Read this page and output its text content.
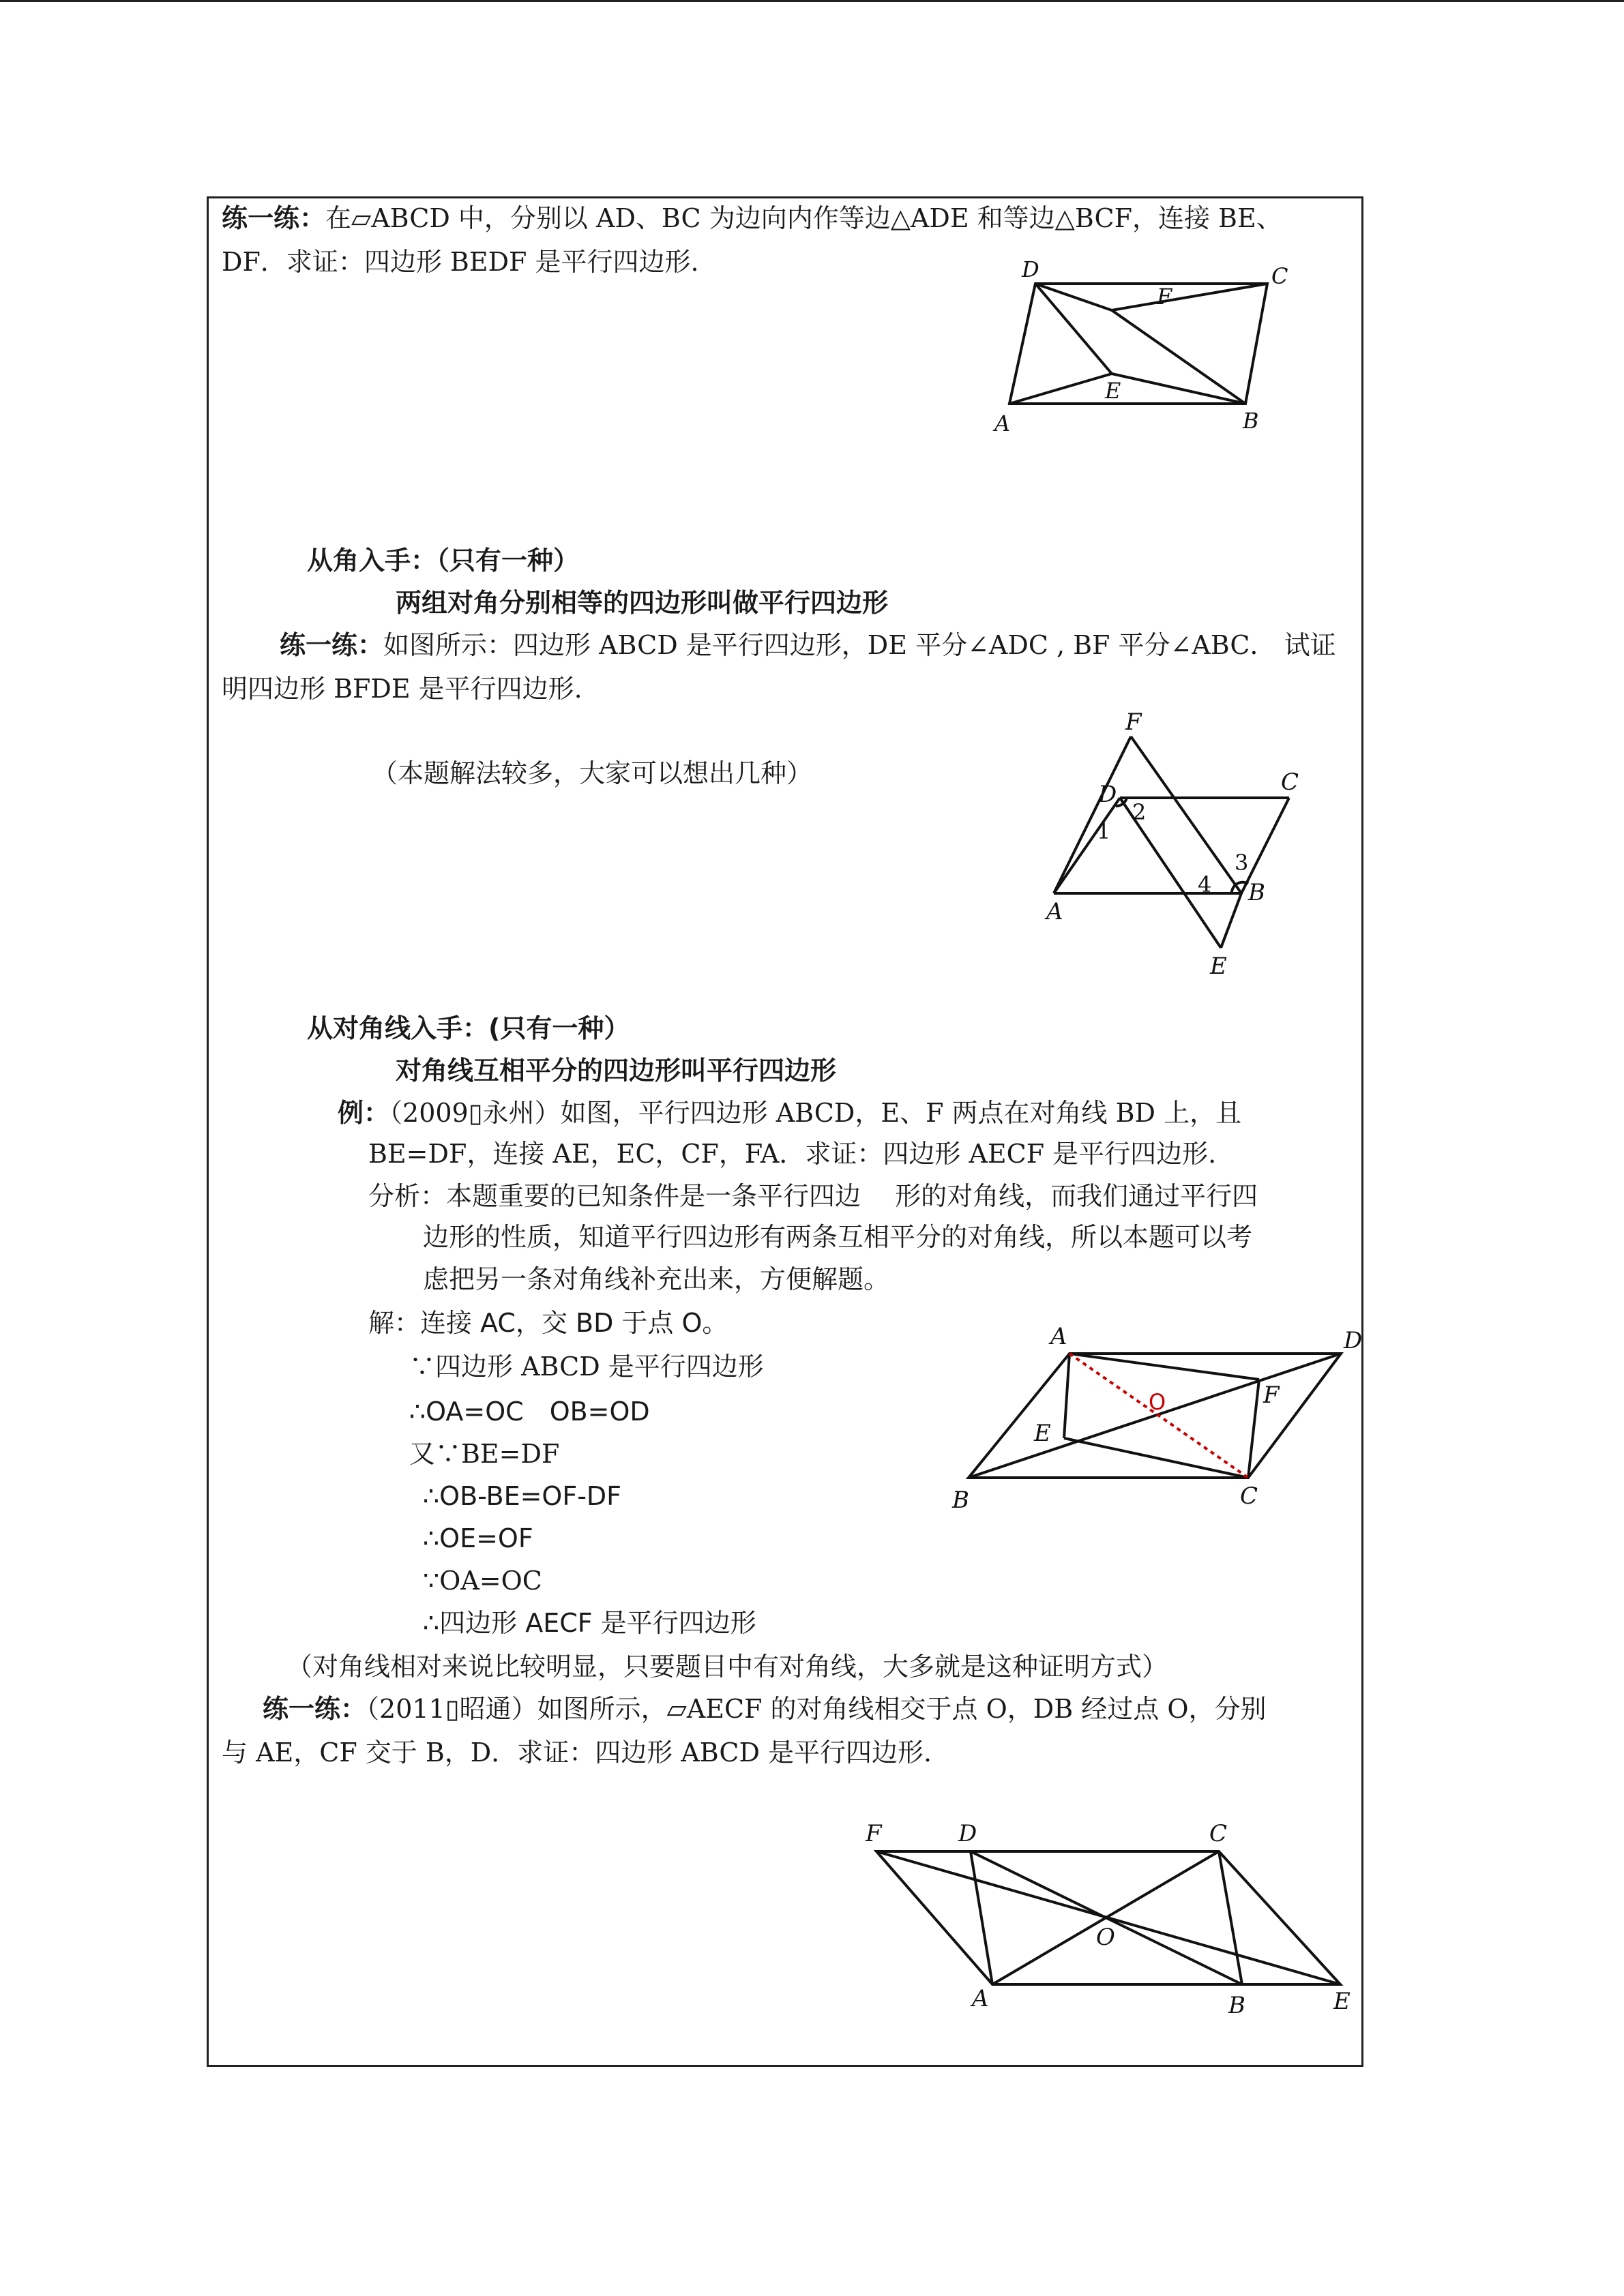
练一练：在▱ABCD 中，分别以 AD、BC 为边向内作等边△ADE 和等边△BCF，连接 BE、
DF．求证：四边形 BEDF 是平行四边形.	D	C
F
E
A	B
从角入手：（只有一种）
两组对角分别相等的四边形叫做平行四边形
练一练：如图所示：四边形 ABCD 是平行四边形，DE 平分∠ADC , BF 平分∠ABC． 试证
明四边形 BFDE 是平行四边形.
（本题解法较多，大家可以想出几种）
F
D	C
2
1
3
4 B
A
E
从对角线入手：(只有一种）
对角线互相平分的四边形叫平行四边形
例：（2009▯永州）如图，平行四边形 ABCD，E、F 两点在对角线 BD 上，且
BE=DF，连接 AE，EC，CF，FA．求证：四边形 AECF 是平行四边形.
分析：本题重要的已知条件是一条平行四边　 形的对角线，而我们通过平行四
边形的性质，知道平行四边形有两条互相平分的对角线，所以本题可以考
虑把另一条对角线补充出来，方便解题。
解：连接 AC，交 BD 于点 O。
∵四边形 ABCD 是平行四边形
∴OA=OC　OB=OD
又∵BE=DF
∴OB-BE=OF-DF
∴OE=OF
∵OA=OC
∴四边形 AECF 是平行四边形
A	D
O	F
E
B	C
（对角线相对来说比较明显，只要题目中有对角线，大多就是这种证明方式）
练一练：（2011▯昭通）如图所示，▱AECF 的对角线相交于点 O，DB 经过点 O，分别
与 AE，CF 交于 B，D．求证：四边形 ABCD 是平行四边形.
F	D	C
O
A	B	E
